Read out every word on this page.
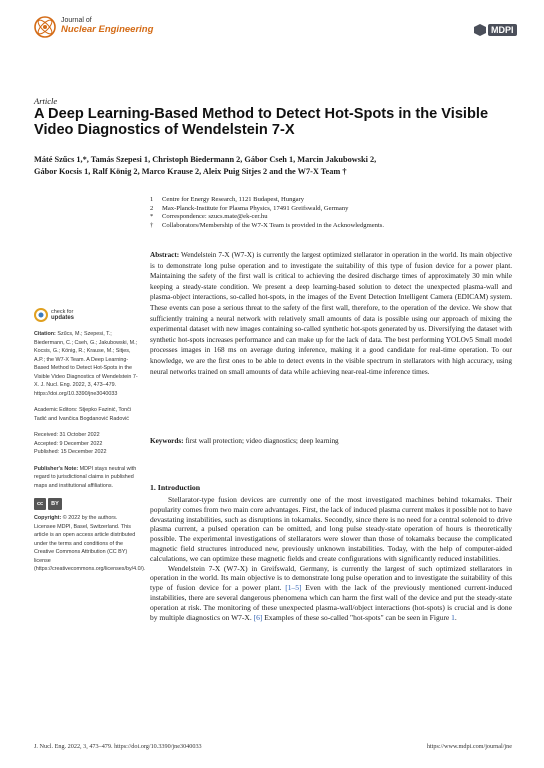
Journal of
Nuclear Engineering	MDPI
Article
A Deep Learning-Based Method to Detect Hot-Spots in the Visible Video Diagnostics of Wendelstein 7-X
Máté Szűcs 1,*, Tamás Szepesi 1, Christoph Biedermann 2, Gábor Cseh 1, Marcin Jakubowski 2,
Gábor Kocsis 1, Ralf König 2, Marco Krause 2, Aleix Puig Sitjes 2 and the W7-X Team †
1	Centre for Energy Research, 1121 Budapest, Hungary
2	Max-Planck-Institute for Plasma Physics, 17491 Greifswald, Germany
*	Correspondence: szucs.mate@ek-cer.hu
†	Collaborators/Membership of the W7-X Team is provided in the Acknowledgments.
Abstract: Wendelstein 7-X (W7-X) is currently the largest optimized stellarator in operation in the world. Its main objective is to demonstrate long pulse operation and to investigate the suitability of this type of fusion device for a power plant. Maintaining the safety of the first wall is critical to achieving the desired discharge times of approximately 30 min while keeping a steady-state condition. We present a deep learning-based solution to detect the unexpected plasma-wall and plasma-object interactions, so-called hot-spots, in the images of the Event Detection Intelligent Camera (EDICAM) system. These events can pose a serious threat to the safety of the first wall, therefore, to the operation of the device. We show that sufficiently training a neural network with relatively small amounts of data is possible using our approach of mixing the experimental dataset with new images containing so-called synthetic hot-spots generated by us. Diversifying the dataset with synthetic hot-spots increases performance and can make up for the lack of data. The best performing YOLOv5 Small model processes images in 168 ms on average during inference, making it a good candidate for real-time operation. To our knowledge, we are the first ones to be able to detect events in the visible spectrum in stellarators with high accuracy, using neural networks trained on small amounts of data while achieving near-real-time inference times.
Keywords: first wall protection; video diagnostics; deep learning
check for
updates
Citation: Szűcs, M.; Szepesi, T.; Biedermann, C.; Cseh, G.; Jakubowski, M.; Kocsis, G.; König, R.; Krause, M.; Sitjes, A.P.; the W7-X Team. A Deep Learning-Based Method to Detect Hot-Spots in the Visible Video Diagnostics of Wendelstein 7-X. J. Nucl. Eng. 2022, 3, 473–479. https://doi.org/10.3390/jne3040033
Academic Editors: Stjepko Fazinić, Tonči Tadić and Ivančica Bogdanović Radović
Received: 31 October 2022
Accepted: 9 December 2022
Published: 15 December 2022
Publisher's Note: MDPI stays neutral with regard to jurisdictional claims in published maps and institutional affiliations.
cc	BY
Copyright: © 2022 by the authors. Licensee MDPI, Basel, Switzerland. This article is an open access article distributed under the terms and conditions of the Creative Commons Attribution (CC BY) license (https://creativecommons.org/licenses/by/4.0/).
1. Introduction

Stellarator-type fusion devices are currently one of the most investigated machines behind tokamaks. Their popularity comes from two main core advantages. First, the lack of induced plasma current makes it possible not to have devastating instabilities, such as disruptions in tokamaks. Secondly, since there is no need for a central solenoid to drive plasma current, a pulsed operation can be omitted, and long pulse steady-state operation of hours is theoretically possible. The experimental investigations of stellarators were slower than those of tokamaks because the complicated magnetic field structures introduced new, previously unknown instabilities. Today, with the help of computer-aided calculations, we can optimize these magnetic fields and create configurations with significantly reduced instabilities.

Wendelstein 7-X (W7-X) in Greifswald, Germany, is currently the largest of such optimized stellarators in operation in the world. Its main objective is to demonstrate long pulse operation and to investigate the suitability of this type of fusion device for a power plant. [1–5] Even with the lack of the previously mentioned current-induced instabilities, there are several dangerous phenomena which can harm the first wall of the device and put the steady-state operation at risk. The monitoring of these unexpected plasma-wall/object interactions (hot-spots) is crucial and is done by multiple diagnostics on W7-X. [6] Examples of these so-called "hot-spots" can be seen in Figure 1.

J. Nucl. Eng. 2022, 3, 473–479. https://doi.org/10.3390/jne3040033	https://www.mdpi.com/journal/jne
